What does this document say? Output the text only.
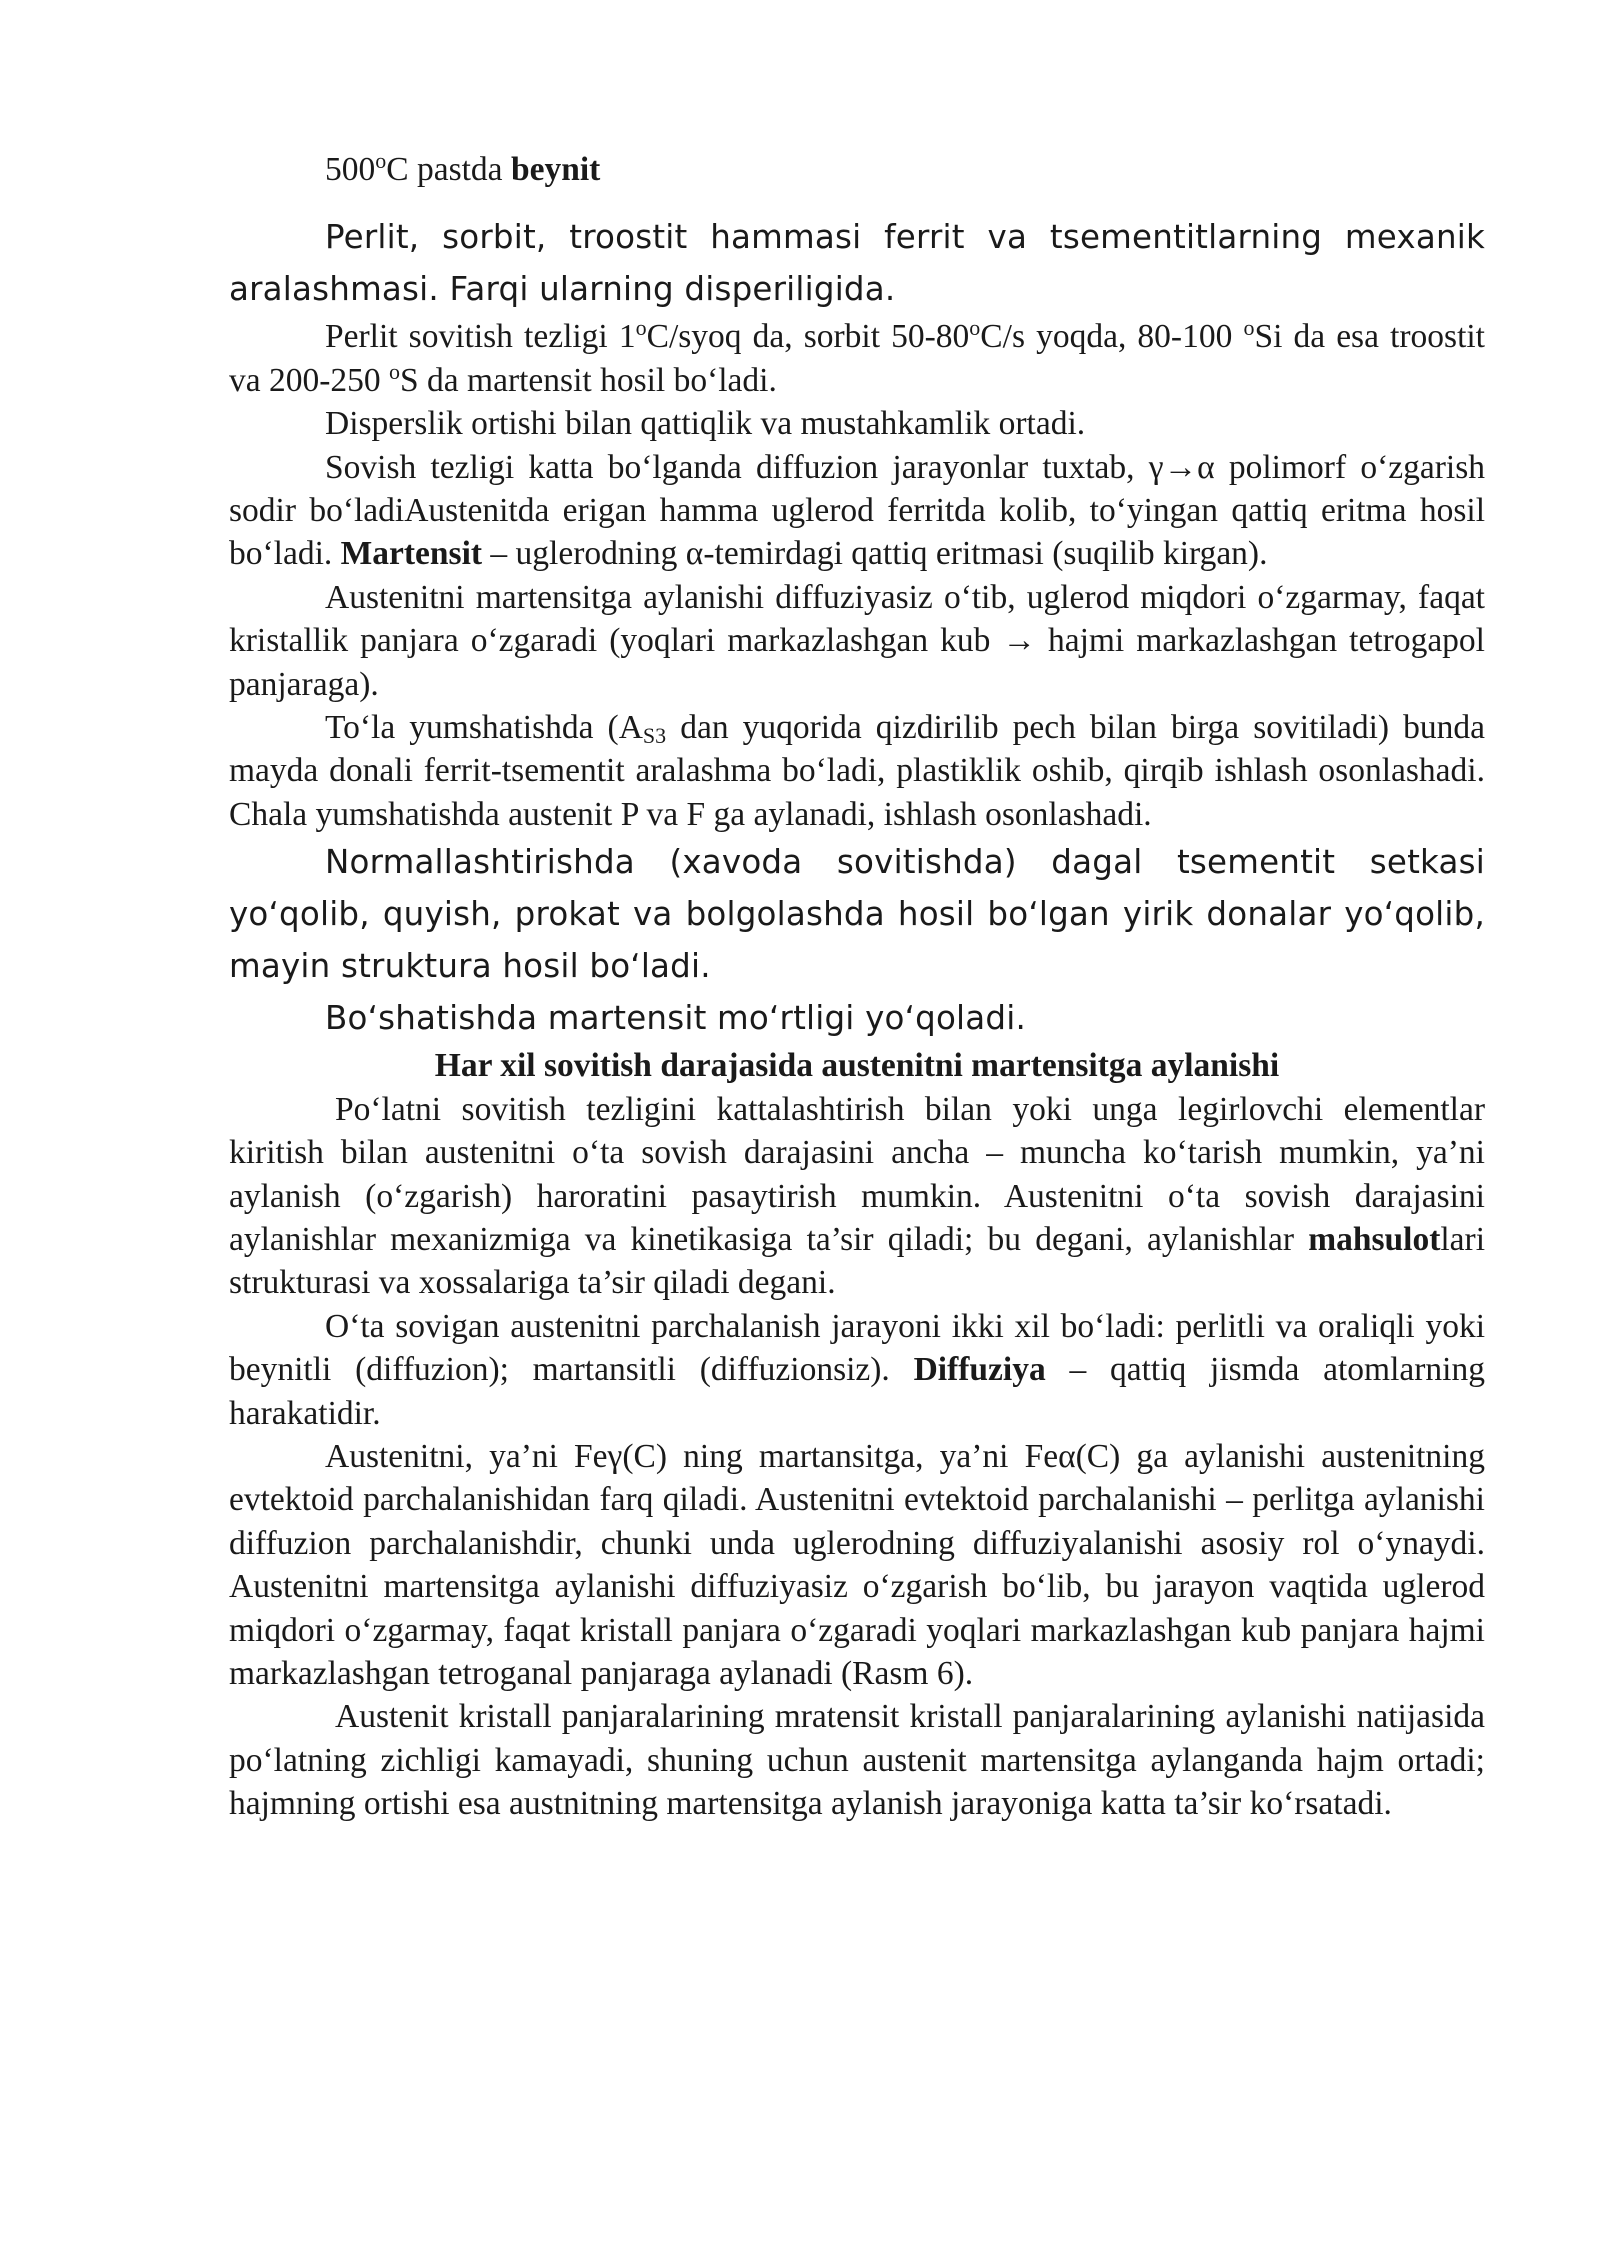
500$^o$C pastda beynit

Perlit, sorbit, troostit hammasi ferrit va tsementitlarning mexanik aralashmasi. Farqi ularning disperiligida.

Perlit sovitish tezligi 1$^o$C/syoq da, sorbit 50-80$^o$C/s yoqda, 80-100 $^o$Si da esa troostit va 200-250 $^o$S da martensit hosil bo‘ladi.

Disperslik ortishi bilan qattiqlik va mustahkamlik ortadi.

Sovish tezligi katta bo‘lganda diffuzion jarayonlar tuxtab, γ→α polimorf o‘zgarish sodir bo‘ladiAustenitda erigan hamma uglerod ferritda kolib, to‘yingan qattiq eritma hosil bo‘ladi. Martensit – uglerodning α-temirdagi qattiq eritmasi (suqilib kirgan).

Austenitni martensitga aylanishi diffuziyasiz o‘tib, uglerod miqdori o‘zgarmay, faqat kristallik panjara o‘zgaradi (yoqlari markazlashgan kub → hajmi markazlashgan tetrogapol panjaraga).

To‘la yumshatishda ($A_{S3}$ dan yuqorida qizdirilib pech bilan birga sovitiladi) bunda mayda donali ferrit-tsementit aralashma bo‘ladi, plastiklik oshib, qirqib ishlash osonlashadi. Chala yumshatishda austenit P va F ga aylanadi, ishlash osonlashadi.

Normallashtirishda (xavoda sovitishda) dagal tsementit setkasi yo‘qolib, quyish, prokat va bolgolashda hosil bo‘lgan yirik donalar yo‘qolib, mayin struktura hosil bo‘ladi.

Bo‘shatishda martensit mo‘rtligi yo‘qoladi.

Har xil sovitish darajasida austenitni martensitga aylanishi

Po‘latni sovitish tezligini kattalashtirish bilan yoki unga legirlovchi elementlar kiritish bilan austenitni o‘ta sovish darajasini ancha – muncha ko‘tarish mumkin, ya’ni aylanish (o‘zgarish) haroratini pasaytirish mumkin. Austenitni o‘ta sovish darajasini aylanishlar mexanizmiga va kinetikasiga ta’sir qiladi; bu degani, aylanishlar mahsulotlari strukturasi va xossalariga ta’sir qiladi degani.

O‘ta sovigan austenitni parchalanish jarayoni ikki xil bo‘ladi: perlitli va oraliqli yoki beynitli (diffuzion); martansitli (diffuzionsiz). Diffuziya – qattiq jismda atomlarning harakatidir.

Austenitni, ya’ni Feγ(C) ning martansitga, ya’ni Feα(C) ga aylanishi austenitning evtektoid parchalanishidan farq qiladi. Austenitni evtektoid parchalanishi – perlitga aylanishi diffuzion parchalanishdir, chunki unda uglerodning diffuziyalanishi asosiy rol o‘ynaydi. Austenitni martensitga aylanishi diffuziyasiz o‘zgarish bo‘lib, bu jarayon vaqtida uglerod miqdori o‘zgarmay, faqat kristall panjara o‘zgaradi yoqlari markazlashgan kub panjara hajmi markazlashgan tetroganal panjaraga aylanadi (Rasm 6).

Austenit kristall panjaralarining mratensit kristall panjaralarining aylanishi natijasida po‘latning zichligi kamayadi, shuning uchun austenit martensitga aylanganda hajm ortadi; hajmning ortishi esa austnitning martensitga aylanish jarayoniga katta ta’sir ko‘rsatadi.
